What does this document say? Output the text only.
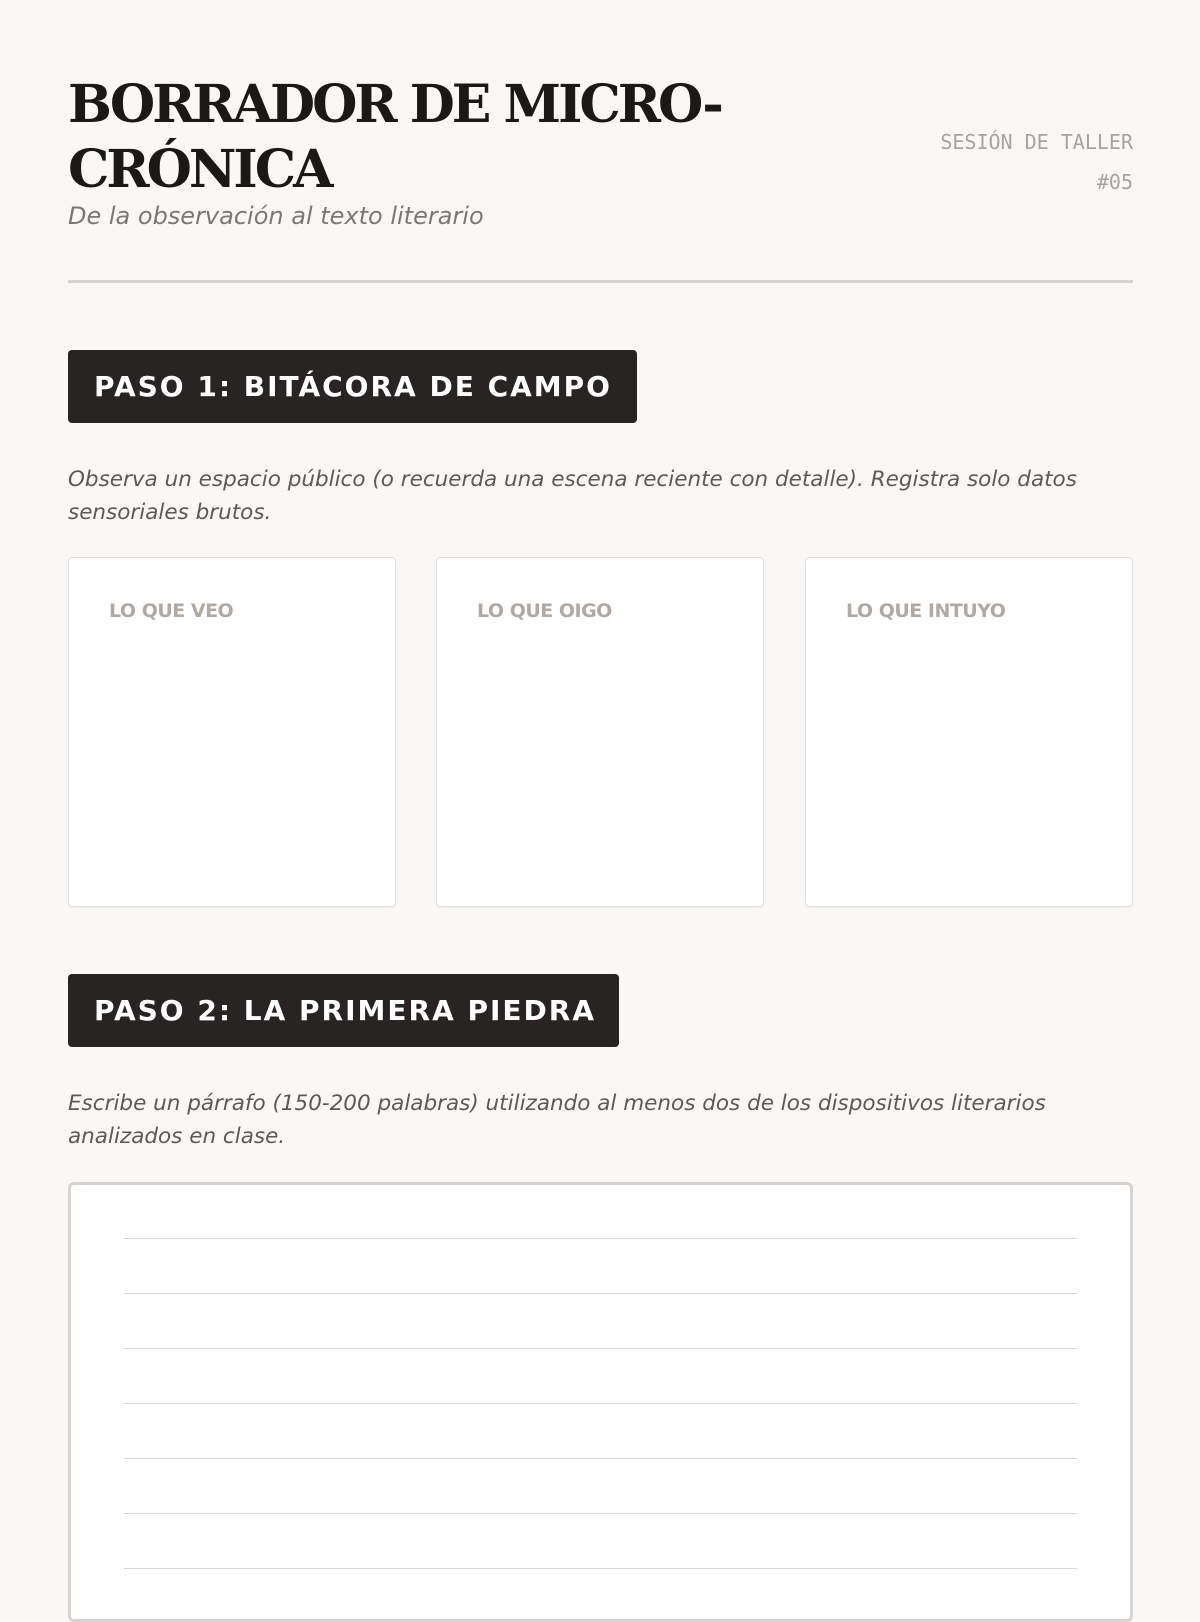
BORRADOR DE MICRO-CRÓNICA
De la observación al texto literario
SESIÓN DE TALLER
#05
PASO 1: BITÁCORA DE CAMPO

Observa un espacio público (o recuerda una escena reciente con detalle). Registra solo datos sensoriales brutos.

LO QUE VEO	LO QUE OIGO	LO QUE INTUYO
PASO 2: LA PRIMERA PIEDRA

Escribe un párrafo (150-200 palabras) utilizando al menos dos de los dispositivos literarios analizados en clase.
